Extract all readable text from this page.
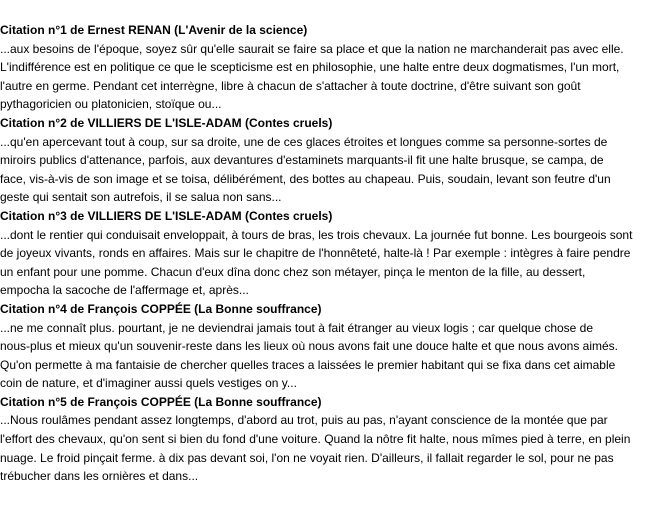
Citation n°1 de Ernest RENAN (L'Avenir de la science)
...aux besoins de l'époque, soyez sûr qu'elle saurait se faire sa place et que la nation ne marchanderait pas avec elle.
L'indifférence est en politique ce que le scepticisme est en philosophie, une halte entre deux dogmatismes, l'un mort,
l'autre en germe. Pendant cet interrègne, libre à chacun de s'attacher à toute doctrine, d'être suivant son goût
pythagoricien ou platonicien, stoïque ou...
Citation n°2 de VILLIERS DE L'ISLE-ADAM (Contes cruels)
...qu'en apercevant tout à coup, sur sa droite, une de ces glaces étroites et longues comme sa personne-sortes de
miroirs publics d'attenance, parfois, aux devantures d'estaminets marquants-il fit une halte brusque, se campa, de
face, vis-à-vis de son image et se toisa, délibérément, des bottes au chapeau. Puis, soudain, levant son feutre d'un
geste qui sentait son autrefois, il se salua non sans...
Citation n°3 de VILLIERS DE L'ISLE-ADAM (Contes cruels)
...dont le rentier qui conduisait enveloppait, à tours de bras, les trois chevaux. La journée fut bonne. Les bourgeois sont
de joyeux vivants, ronds en affaires. Mais sur le chapitre de l'honnêteté, halte-là ! Par exemple : intègres à faire pendre
un enfant pour une pomme. Chacun d'eux dîna donc chez son métayer, pinça le menton de la fille, au dessert,
empocha la sacoche de l'affermage et, après...
Citation n°4 de François COPPÉE (La Bonne souffrance)
...ne me connaît plus. pourtant, je ne deviendrai jamais tout à fait étranger au vieux logis ; car quelque chose de
nous-plus et mieux qu'un souvenir-reste dans les lieux où nous avons fait une douce halte et que nous avons aimés.
Qu'on permette à ma fantaisie de chercher quelles traces a laissées le premier habitant qui se fixa dans cet aimable
coin de nature, et d'imaginer aussi quels vestiges on y...
Citation n°5 de François COPPÉE (La Bonne souffrance)
...Nous roulâmes pendant assez longtemps, d'abord au trot, puis au pas, n'ayant conscience de la montée que par
l'effort des chevaux, qu'on sent si bien du fond d'une voiture. Quand la nôtre fit halte, nous mîmes pied à terre, en plein
nuage. Le froid pinçait ferme. à dix pas devant soi, l'on ne voyait rien. D'ailleurs, il fallait regarder le sol, pour ne pas
trébucher dans les ornières et dans...
